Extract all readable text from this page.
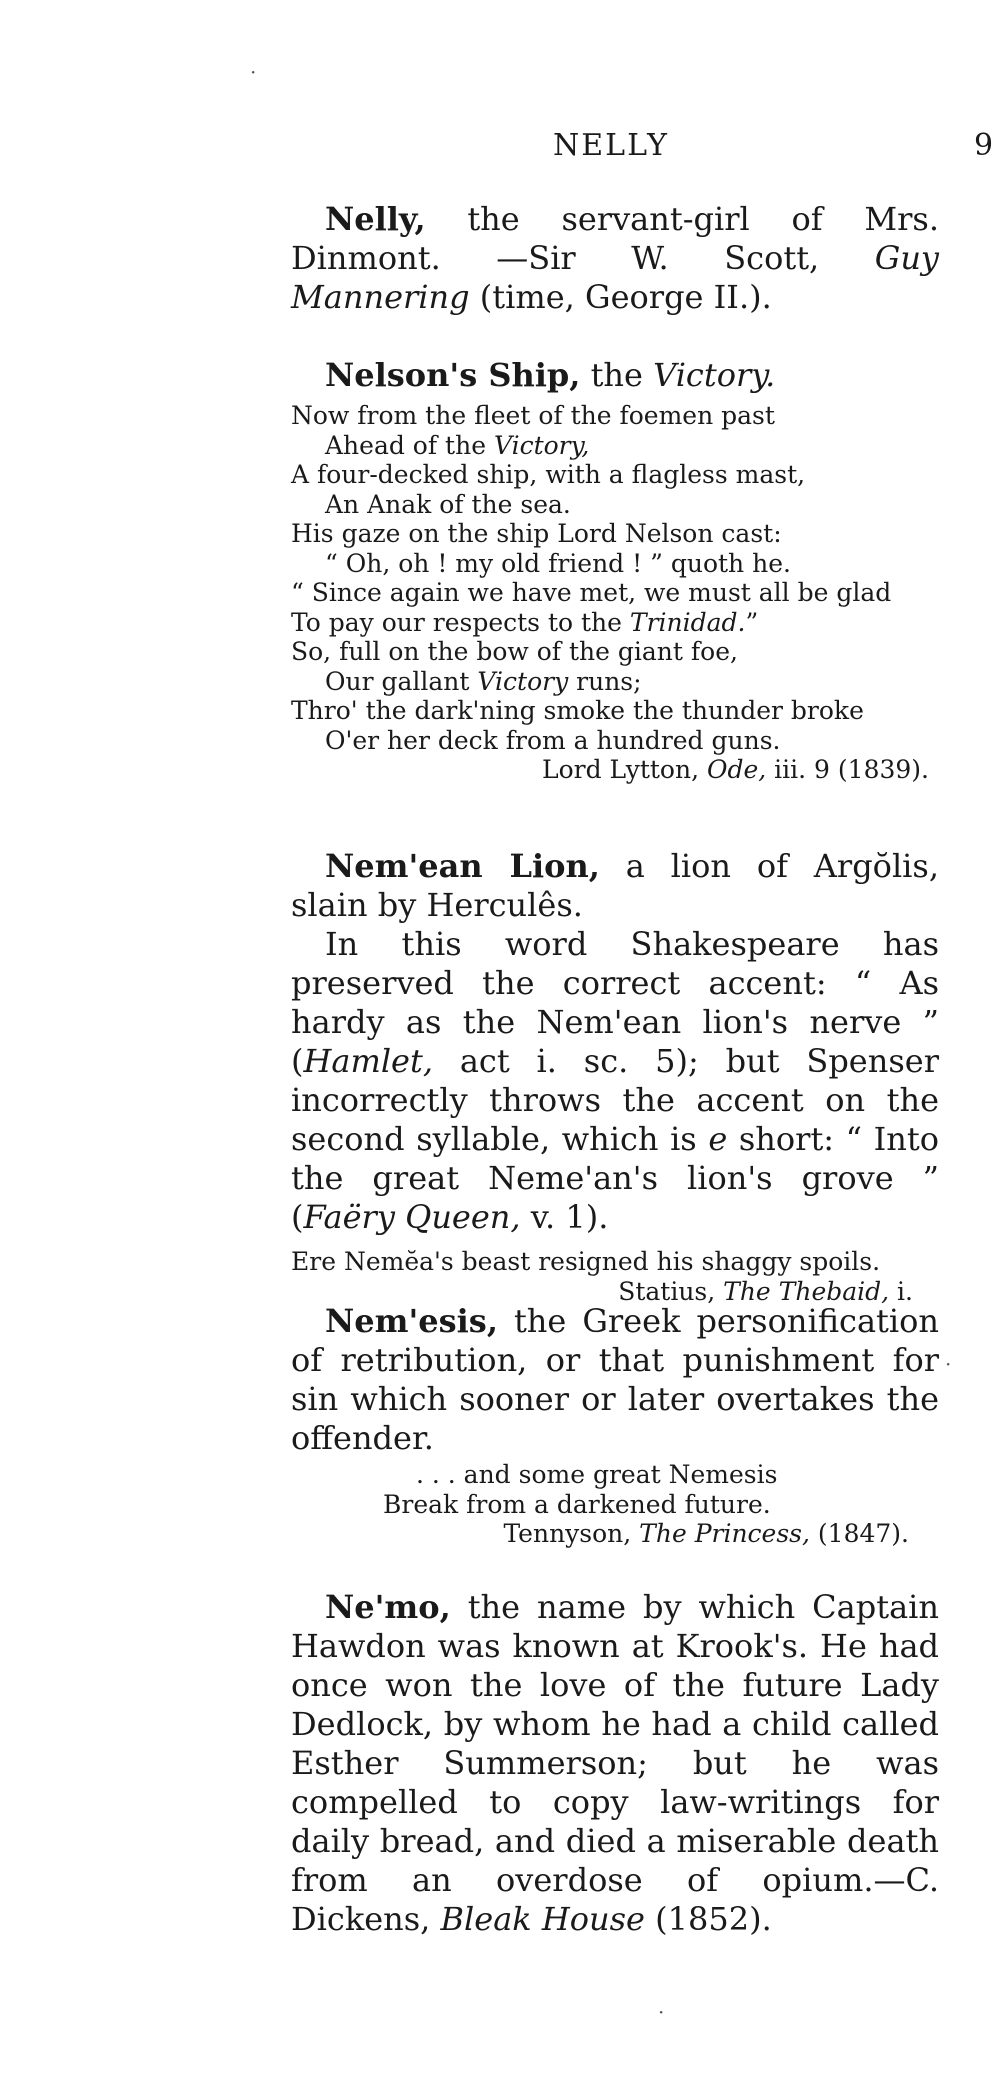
NELLY	9

Nelly, the servant-girl of Mrs. Dinmont. —Sir W. Scott, Guy Mannering (time, George II.).

Nelson's Ship, the Victory.

Now from the fleet of the foemen past
Ahead of the Victory,
A four-decked ship, with a flagless mast,
An Anak of the sea.
His gaze on the ship Lord Nelson cast:
“ Oh, oh ! my old friend ! ” quoth he.
“ Since again we have met, we must all be glad
To pay our respects to the Trinidad.”
So, full on the bow of the giant foe,
Our gallant Victory runs;
Thro' the dark'ning smoke the thunder broke
O'er her deck from a hundred guns.
Lord Lytton, Ode, iii. 9 (1839).

Nem'ean Lion, a lion of Argŏlis, slain by Herculês.

In this word Shakespeare has preserved the correct accent: “ As hardy as the Nem'ean lion's nerve ” (Hamlet, act i. sc. 5); but Spenser incorrectly throws the accent on the second syllable, which is e short: “ Into the great Neme'an's lion's grove ” (Faëry Queen, v. 1).

Ere Nemĕa's beast resigned his shaggy spoils.
Statius, The Thebaid, i.

Nem'esis, the Greek personification of retribution, or that punishment for sin which sooner or later overtakes the offender.

. . . and some great Nemesis
Break from a darkened future.
Tennyson, The Princess, (1847).

Ne'mo, the name by which Captain Hawdon was known at Krook's. He had once won the love of the future Lady Dedlock, by whom he had a child called Esther Summerson; but he was compelled to copy law-writings for daily bread, and died a miserable death from an overdose of opium.—C. Dickens, Bleak House (1852).

·
·
·
